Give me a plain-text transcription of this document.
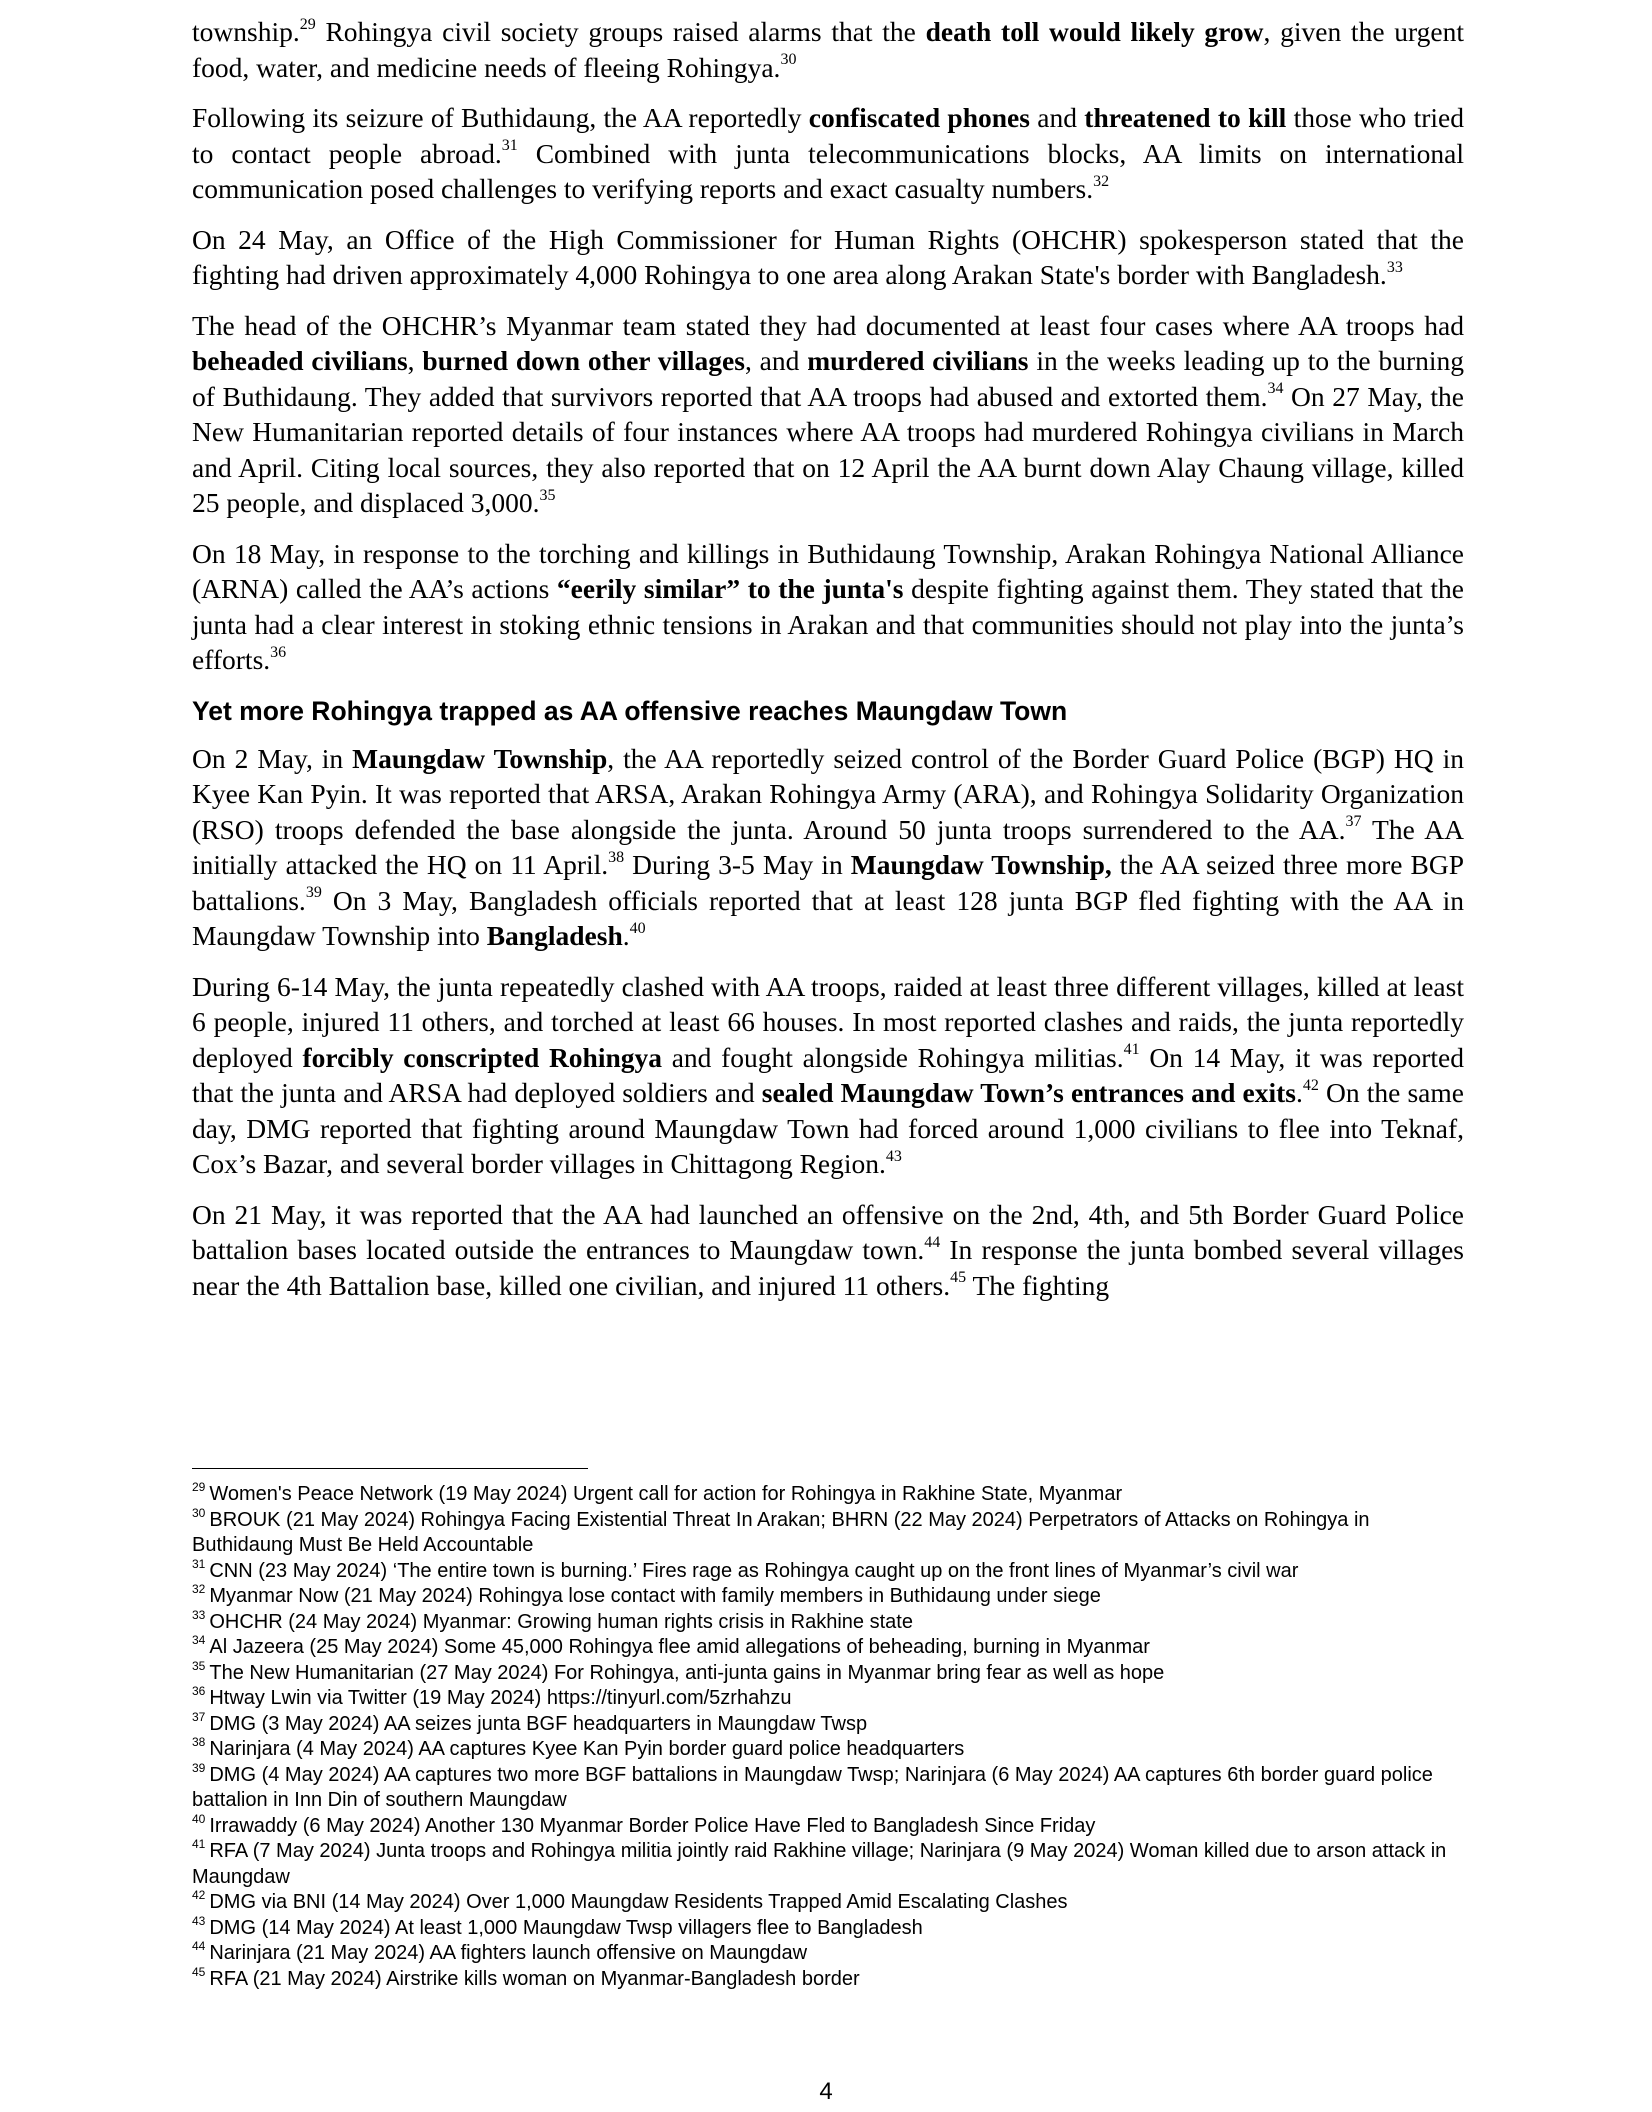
township.$^{29}$ Rohingya civil society groups raised alarms that the death toll would likely grow, given the urgent food, water, and medicine needs of fleeing Rohingya.$^{30}$

Following its seizure of Buthidaung, the AA reportedly confiscated phones and threatened to kill those who tried to contact people abroad.$^{31}$ Combined with junta telecommunications blocks, AA limits on international communication posed challenges to verifying reports and exact casualty numbers.$^{32}$

On 24 May, an Office of the High Commissioner for Human Rights (OHCHR) spokesperson stated that the fighting had driven approximately 4,000 Rohingya to one area along Arakan State's border with Bangladesh.$^{33}$

The head of the OHCHR’s Myanmar team stated they had documented at least four cases where AA troops had beheaded civilians, burned down other villages, and murdered civilians in the weeks leading up to the burning of Buthidaung. They added that survivors reported that AA troops had abused and extorted them.$^{34}$ On 27 May, the New Humanitarian reported details of four instances where AA troops had murdered Rohingya civilians in March and April. Citing local sources, they also reported that on 12 April the AA burnt down Alay Chaung village, killed 25 people, and displaced 3,000.35

On 18 May, in response to the torching and killings in Buthidaung Township, Arakan Rohingya National Alliance (ARNA) called the AA’s actions “eerily similar” to the junta's despite fighting against them. They stated that the junta had a clear interest in stoking ethnic tensions in Arakan and that communities should not play into the junta’s efforts.$^{36}$

Yet more Rohingya trapped as AA offensive reaches Maungdaw Town

On 2 May, in Maungdaw Township, the AA reportedly seized control of the Border Guard Police (BGP) HQ in Kyee Kan Pyin. It was reported that ARSA, Arakan Rohingya Army (ARA), and Rohingya Solidarity Organization (RSO) troops defended the base alongside the junta. Around 50 junta troops surrendered to the AA.$^{37}$ The AA initially attacked the HQ on 11 April.$^{38}$ During 3-5 May in Maungdaw Township, the AA seized three more BGP battalions.$^{39}$ On 3 May, Bangladesh officials reported that at least 128 junta BGP fled fighting with the AA in Maungdaw Township into Bangladesh.$^{40}$

During 6-14 May, the junta repeatedly clashed with AA troops, raided at least three different villages, killed at least 6 people, injured 11 others, and torched at least 66 houses. In most reported clashes and raids, the junta reportedly deployed forcibly conscripted Rohingya and fought alongside Rohingya militias.$^{41}$ On 14 May, it was reported that the junta and ARSA had deployed soldiers and sealed Maungdaw Town’s entrances and exits.$^{42}$ On the same day, DMG reported that fighting around Maungdaw Town had forced around 1,000 civilians to flee into Teknaf, Cox’s Bazar, and several border villages in Chittagong Region.$^{43}$

On 21 May, it was reported that the AA had launched an offensive on the 2nd, 4th, and 5th Border Guard Police battalion bases located outside the entrances to Maungdaw town.$^{44}$ In response the junta bombed several villages near the 4th Battalion base, killed one civilian, and injured 11 others.$^{45}$ The fighting

$^{29}$ Women's Peace Network (19 May 2024) Urgent call for action for Rohingya in Rakhine State, Myanmar
$^{30}$ BROUK (21 May 2024) Rohingya Facing Existential Threat In Arakan; BHRN (22 May 2024) Perpetrators of Attacks on Rohingya in Buthidaung Must Be Held Accountable
$^{31}$ CNN (23 May 2024) ‘The entire town is burning.’ Fires rage as Rohingya caught up on the front lines of Myanmar’s civil war
$^{32}$ Myanmar Now (21 May 2024) Rohingya lose contact with family members in Buthidaung under siege
$^{33}$ OHCHR (24 May 2024) Myanmar: Growing human rights crisis in Rakhine state
$^{34}$ Al Jazeera (25 May 2024) Some 45,000 Rohingya flee amid allegations of beheading, burning in Myanmar
$^{35}$ The New Humanitarian (27 May 2024) For Rohingya, anti-junta gains in Myanmar bring fear as well as hope
$^{36}$ Htway Lwin via Twitter (19 May 2024) https://tinyurl.com/5zrhahzu
$^{37}$ DMG (3 May 2024) AA seizes junta BGF headquarters in Maungdaw Twsp
$^{38}$ Narinjara (4 May 2024) AA captures Kyee Kan Pyin border guard police headquarters
$^{39}$ DMG (4 May 2024) AA captures two more BGF battalions in Maungdaw Twsp; Narinjara (6 May 2024) AA captures 6th border guard police battalion in Inn Din of southern Maungdaw
$^{40}$ Irrawaddy (6 May 2024) Another 130 Myanmar Border Police Have Fled to Bangladesh Since Friday
$^{41}$ RFA (7 May 2024) Junta troops and Rohingya militia jointly raid Rakhine village; Narinjara (9 May 2024) Woman killed due to arson attack in Maungdaw
$^{42}$ DMG via BNI (14 May 2024) Over 1,000 Maungdaw Residents Trapped Amid Escalating Clashes
$^{43}$ DMG (14 May 2024) At least 1,000 Maungdaw Twsp villagers flee to Bangladesh
$^{44}$ Narinjara (21 May 2024) AA fighters launch offensive on Maungdaw
$^{45}$ RFA (21 May 2024) Airstrike kills woman on Myanmar-Bangladesh border
4
